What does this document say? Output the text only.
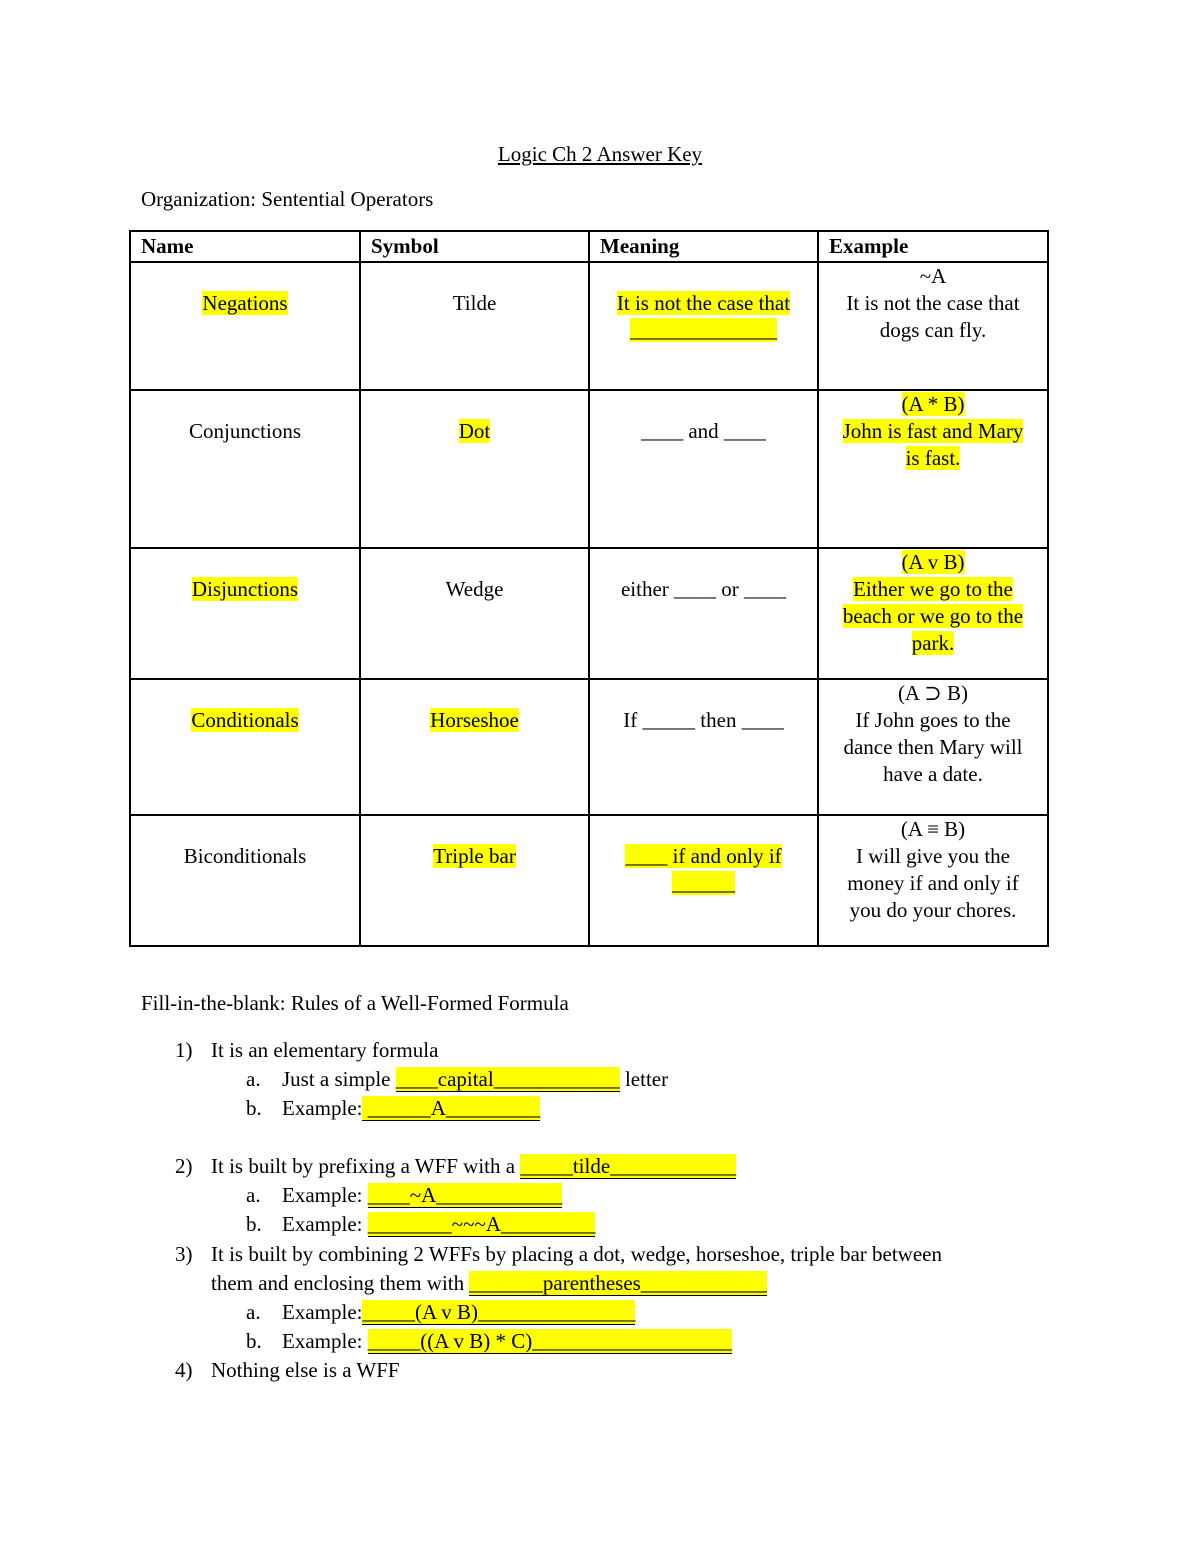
Logic Ch 2 Answer Key
Organization: Sentential Operators
Name	Symbol	Meaning	Example
Negations	Tilde	It is not the case that
______________	~A
It is not the case that
dogs can fly.
Conjunctions	Dot	____ and ____	(A * B)
John is fast and Mary
is fast.
Disjunctions	Wedge	either ____ or ____	(A v B)
Either we go to the
beach or we go to the
park.
Conditionals	Horseshoe	If _____ then ____	(A ⊃ B)
If John goes to the
dance then Mary will
have a date.
Biconditionals	Triple bar	____ if and only if
______	(A ≡ B)
I will give you the
money if and only if
you do your chores.
Fill-in-the-blank: Rules of a Well-Formed Formula
1) It is an elementary formula
a. Just a simple ____capital____________ letter
b. Example: ______A_________
2) It is built by prefixing a WFF with a _____tilde____________
a. Example: ____~A____________
b. Example: ________~~~A_________
3) It is built by combining 2 WFFs by placing a dot, wedge, horseshoe, triple bar between
them and enclosing them with _______parentheses____________
a. Example:_____(A v B)_______________
b. Example: _____((A v B) * C)___________________
4) Nothing else is a WFF
